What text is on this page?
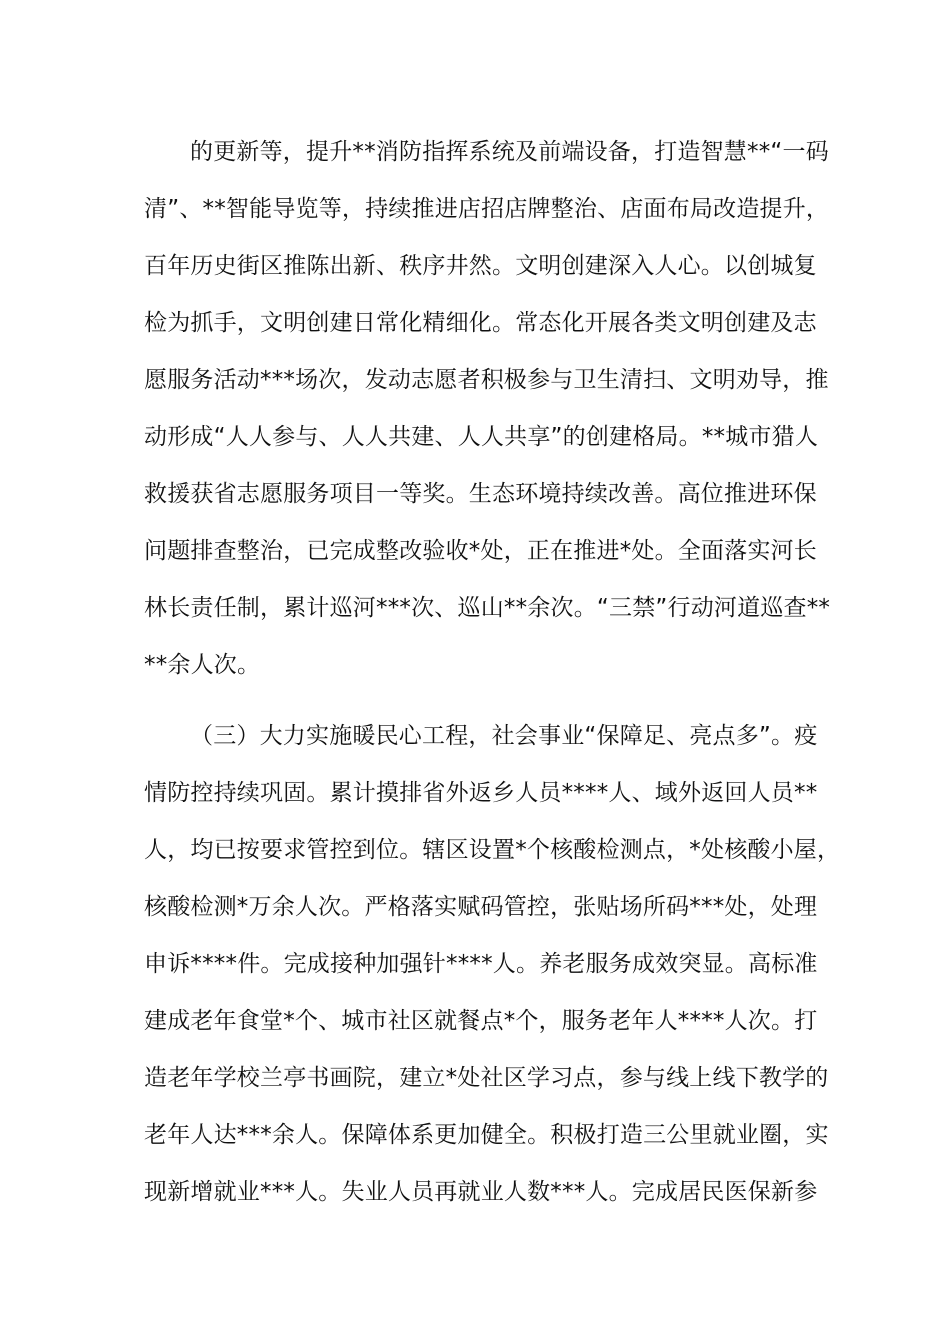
的更新等，提升**消防指挥系统及前端设备，打造智慧**“一码
清”、**智能导览等，持续推进店招店牌整治、店面布局改造提升，
百年历史街区推陈出新、秩序井然。文明创建深入人心。以创城复
检为抓手，文明创建日常化精细化。常态化开展各类文明创建及志
愿服务活动***场次，发动志愿者积极参与卫生清扫、文明劝导，推
动形成“人人参与、人人共建、人人共享”的创建格局。**城市猎人
救援获省志愿服务项目一等奖。生态环境持续改善。高位推进环保
问题排查整治，已完成整改验收*处，正在推进*处。全面落实河长
林长责任制，累计巡河***次、巡山**余次。“三禁”行动河道巡查**
**余人次。
（三）大力实施暖民心工程，社会事业“保障足、亮点多”。疫
情防控持续巩固。累计摸排省外返乡人员****人、域外返回人员**
人，均已按要求管控到位。辖区设置*个核酸检测点，*处核酸小屋，
核酸检测*万余人次。严格落实赋码管控，张贴场所码***处，处理
申诉****件。完成接种加强针****人。养老服务成效突显。高标准
建成老年食堂*个、城市社区就餐点*个，服务老年人****人次。打
造老年学校兰亭书画院，建立*处社区学习点，参与线上线下教学的
老年人达***余人。保障体系更加健全。积极打造三公里就业圈，实
现新增就业***人。失业人员再就业人数***人。完成居民医保新参
